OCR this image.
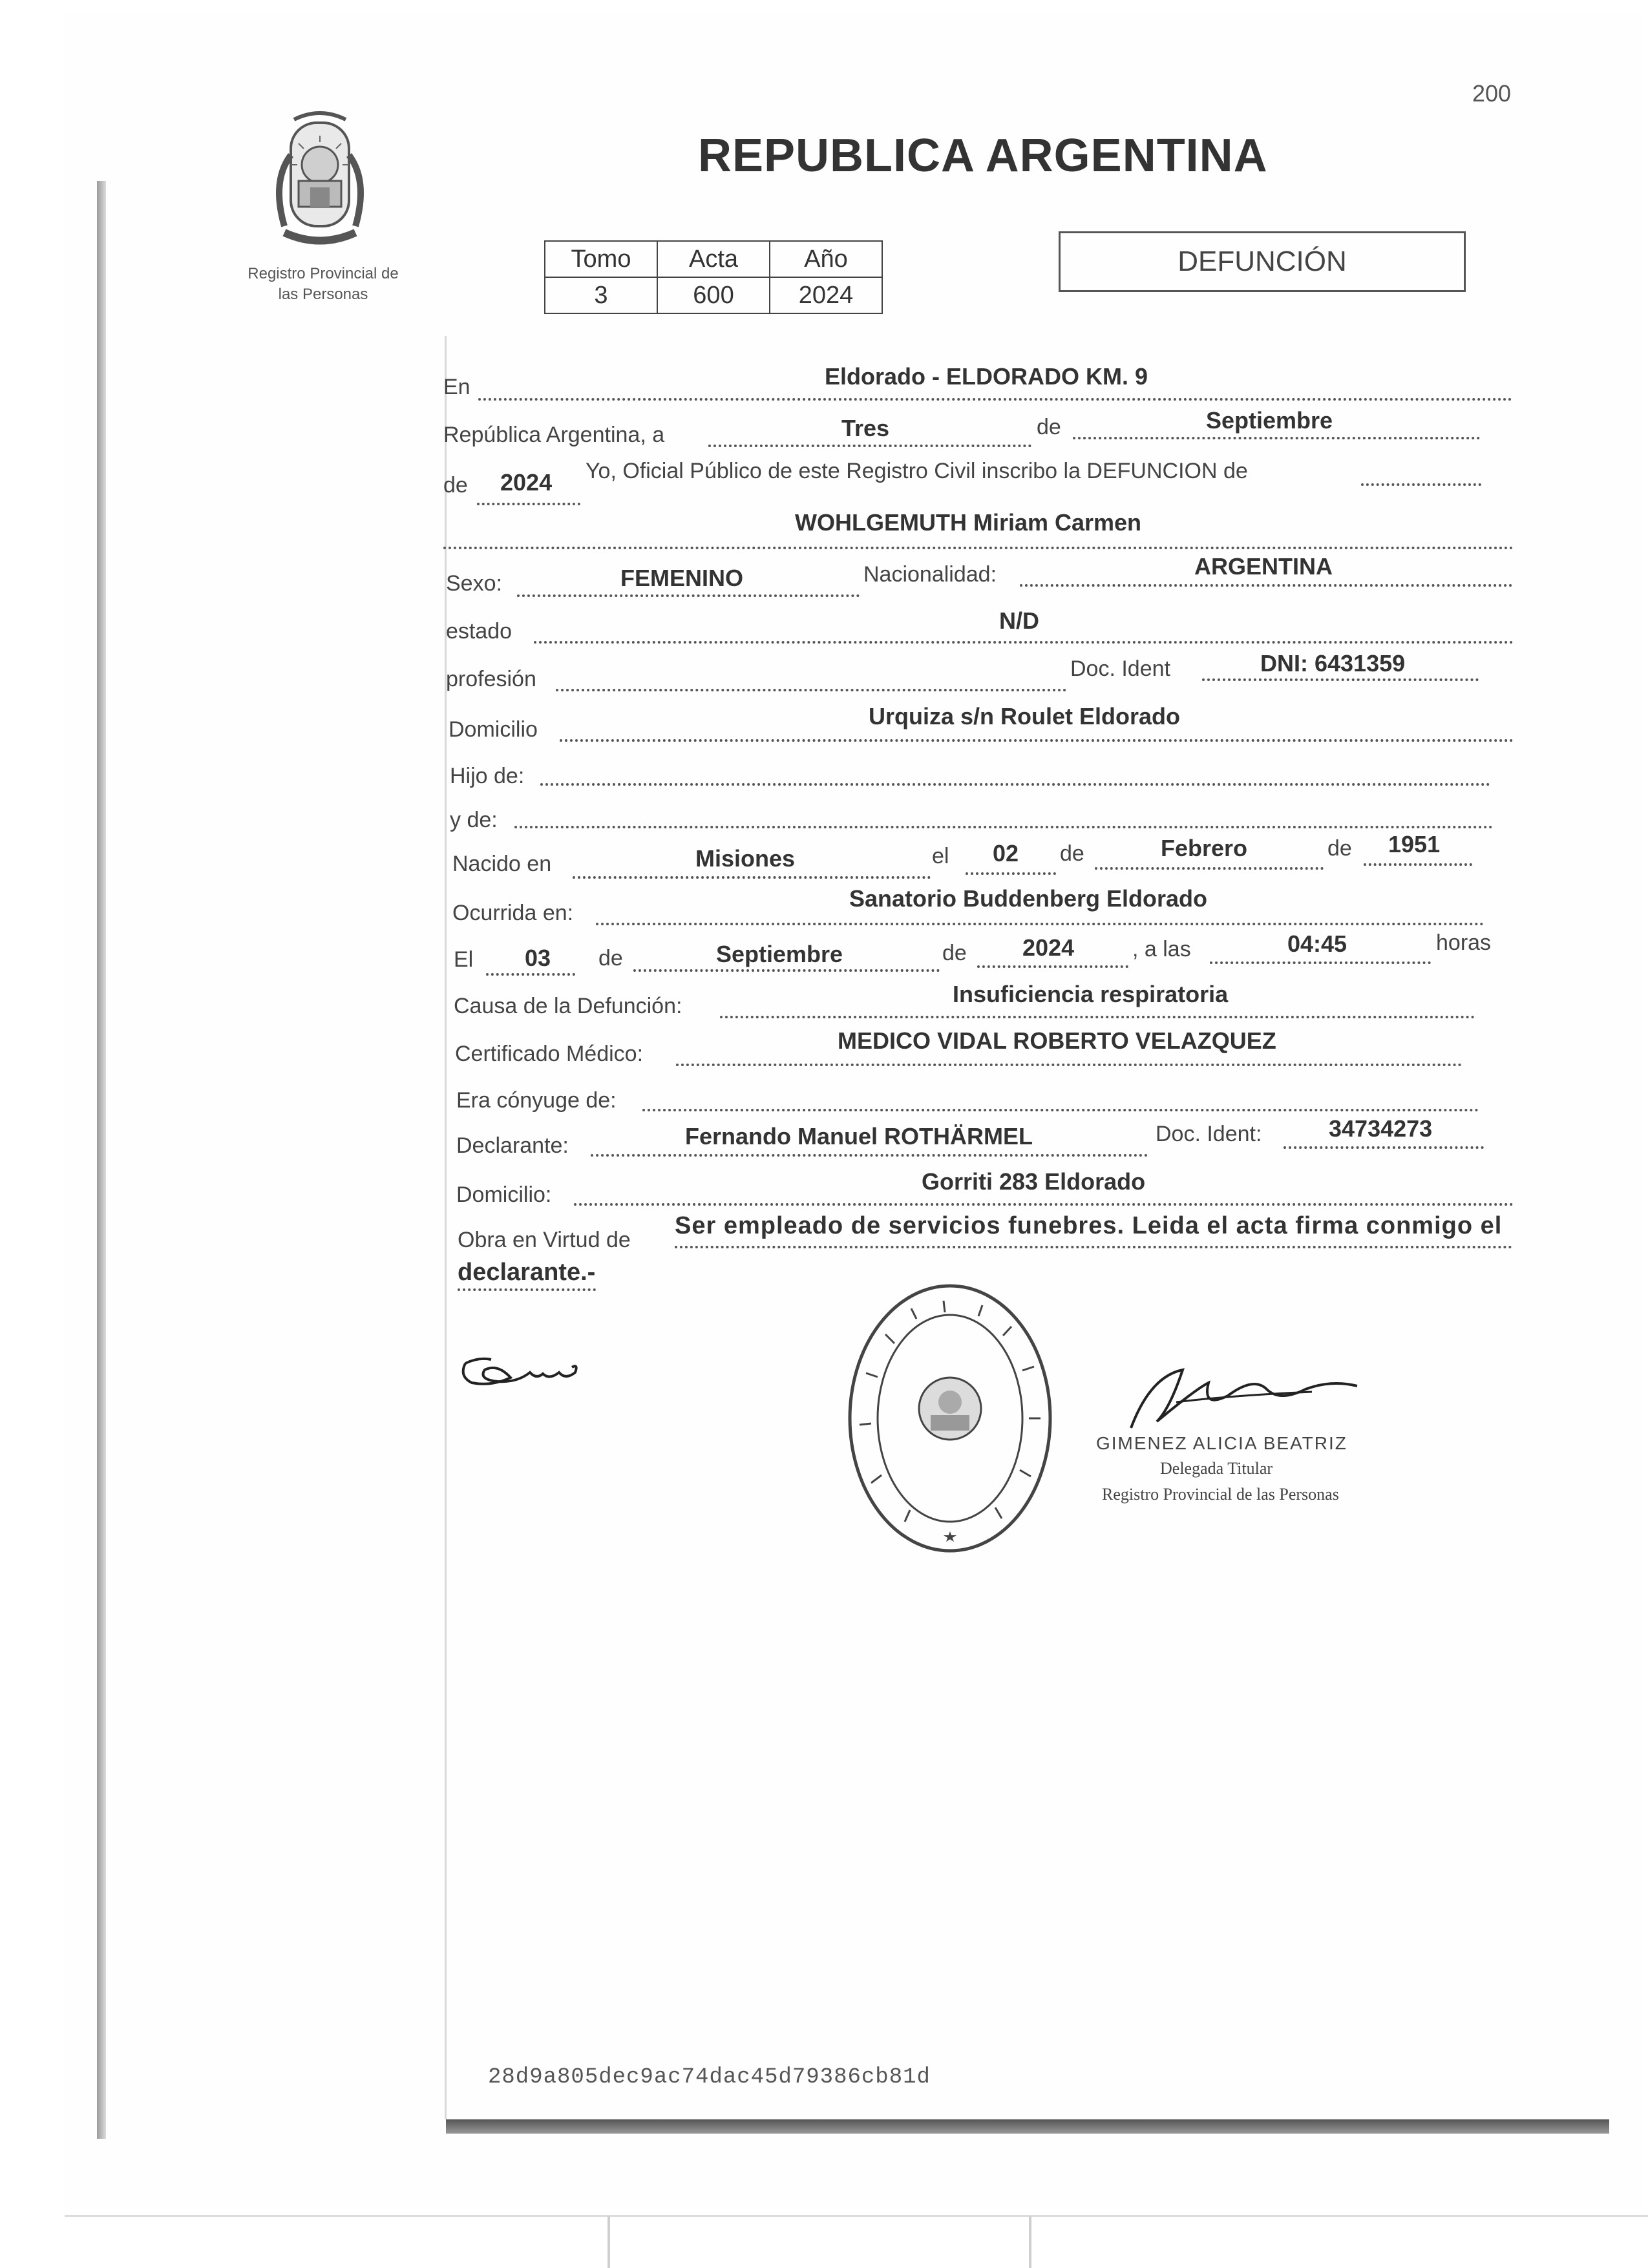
200
Registro Provincial de
las Personas
REPUBLICA ARGENTINA
Tomo	Acta	Año
3	600	2024
DEFUNCIÓN
En	Eldorado - ELDORADO KM. 9
República Argentina, a	Tres	de	Septiembre
de 2024 Yo, Oficial Público de este Registro Civil inscribo la DEFUNCION de
WOHLGEMUTH Miriam Carmen
Sexo:	FEMENINO	Nacionalidad:	ARGENTINA
estado	N/D
profesión	Doc. Ident	DNI: 6431359
Domicilio	Urquiza s/n Roulet Eldorado
Hijo de:
y de:
Nacido en	Misiones	el 02 de	Febrero	de 1951
Ocurrida en:
Sanatorio Buddenberg Eldorado
El 03 de	Septiembre	de 2024	, a las	04:45	horas
Causa de la Defunción:	Insuficiencia respiratoria
Certificado Médico:	MEDICO VIDAL ROBERTO VELAZQUEZ
Era cónyuge de:
Declarante:	Fernando Manuel ROTHÄRMEL	Doc. Ident:	34734273
Domicilio:	Gorriti 283 Eldorado
Obra en Virtud de
Ser empleado de servicios funebres. Leida el acta firma conmigo el
declarante.-
GIMENEZ ALICIA BEATRIZ
Delegada Titular
Registro Provincial de las Personas
28d9a805dec9ac74dac45d79386cb81d
